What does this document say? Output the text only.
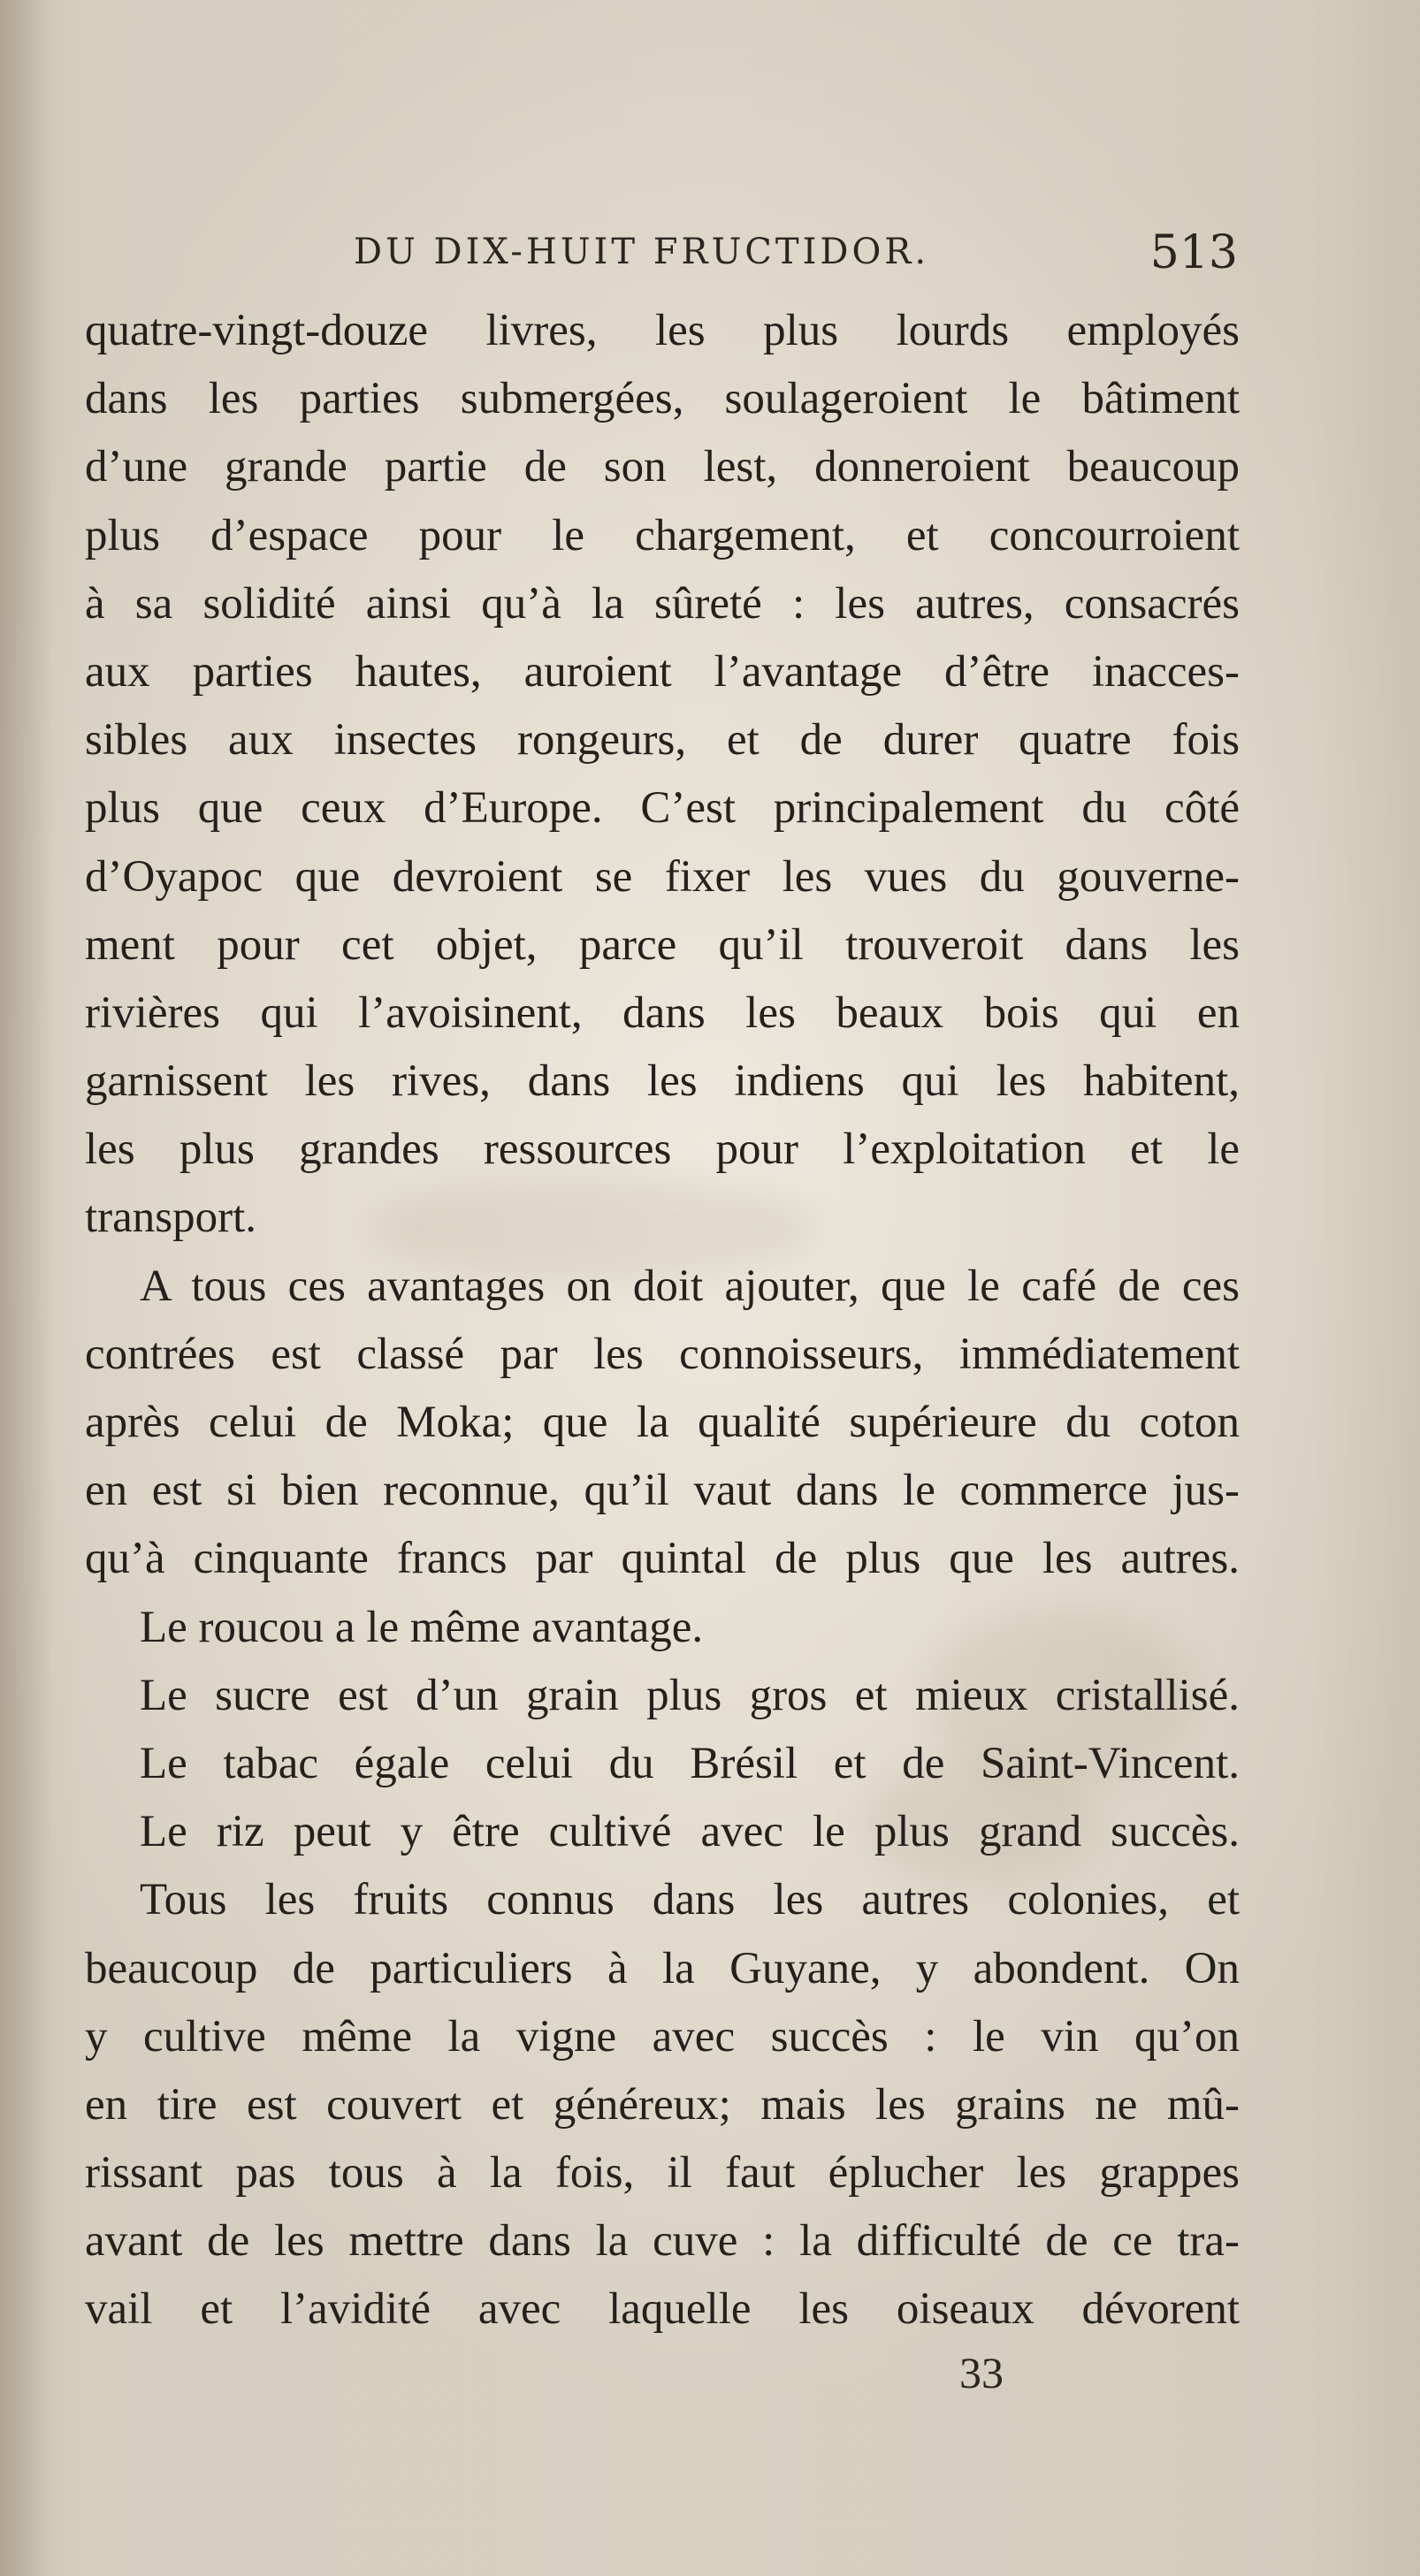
DU DIX-HUIT FRUCTIDOR.	513
quatre-vingt-douze livres, les plus lourds employés
dans les parties submergées, soulageroient le bâtiment
d’une grande partie de son lest, donneroient beaucoup
plus d’espace pour le chargement, et concourroient
à sa solidité ainsi qu’à la sûreté : les autres, consacrés
aux parties hautes, auroient l’avantage d’être inacces-
sibles aux insectes rongeurs, et de durer quatre fois
plus que ceux d’Europe. C’est principalement du côté
d’Oyapoc que devroient se fixer les vues du gouverne-
ment pour cet objet, parce qu’il trouveroit dans les
rivières qui l’avoisinent, dans les beaux bois qui en
garnissent les rives, dans les indiens qui les habitent,
les plus grandes ressources pour l’exploitation et le
transport.
A tous ces avantages on doit ajouter, que le café de ces
contrées est classé par les connoisseurs, immédiatement
après celui de Moka; que la qualité supérieure du coton
en est si bien reconnue, qu’il vaut dans le commerce jus-
qu’à cinquante francs par quintal de plus que les autres.
Le roucou a le même avantage.
Le sucre est d’un grain plus gros et mieux cristallisé.
Le tabac égale celui du Brésil et de Saint-Vincent.
Le riz peut y être cultivé avec le plus grand succès.
Tous les fruits connus dans les autres colonies, et
beaucoup de particuliers à la Guyane, y abondent. On
y cultive même la vigne avec succès : le vin qu’on
en tire est couvert et généreux; mais les grains ne mû-
rissant pas tous à la fois, il faut éplucher les grappes
avant de les mettre dans la cuve : la difficulté de ce tra-
vail et l’avidité avec laquelle les oiseaux dévorent
33
